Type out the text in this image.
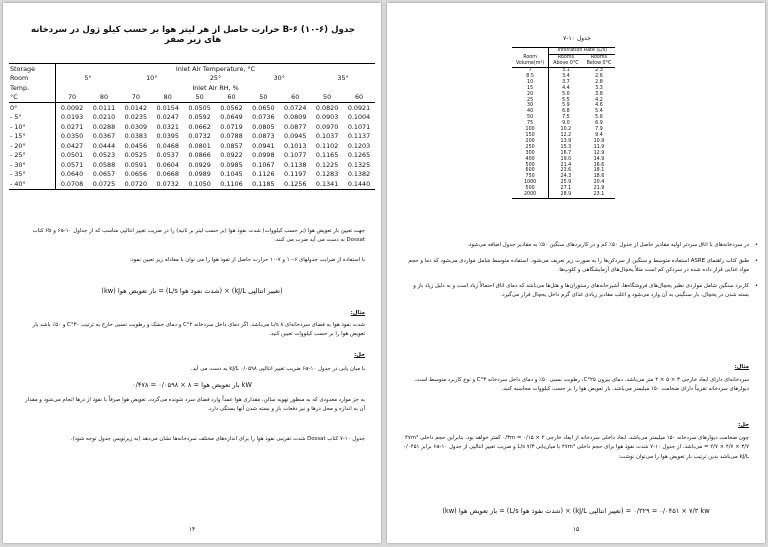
جدول B-۶ (۱۰-۶) حرارت حاصل از هر لیتر هوا بر حسب کیلو ژول در سردخانه های زیر صفر
Storage	Inlet Air Temperature, °C									
Room	5°		10°		25°		30°		35°	
Temp.	Inlet Air RH, %									
°C	70	80	70	80	50	60	50	60	50	60
0°	0.0092	0.0111	0.0142	0.0154	0.0505	0.0562	0.0650	0.0724	0.0820	0.0921
- 5°	0.0193	0.0210	0.0235	0.0247	0.0592	0.0649	0.0736	0.0809	0.0903	0.1004
- 10°	0.0271	0.0288	0.0309	0.0321	0.0662	0.0719	0.0805	0.0877	0.0970	0.1071
- 15°	0.0350	0.0367	0.0383	0.0395	0.0732	0.0788	0.0873	0.0945	0.1037	0.1137
- 20°	0.0427	0.0444	0.0456	0.0468	0.0801	0.0857	0.0941	0.1013	0.1102	0.1203
- 25°	0.0501	0.0523	0.0525	0.0537	0.0866	0.0922	0.0998	0.1077	0.1165	0.1265
- 30°	0.0571	0.0588	0.0591	0.0604	0.0929	0.0985	0.1067	0.1138	0.1225	0.1325
- 35°	0.0640	0.0657	0.0656	0.0668	0.0989	0.1045	0.1126	0.1197	0.1283	0.1382
- 40°	0.0708	0.0725	0.0720	0.0732	0.1050	0.1106	0.1185	0.1256	0.1341	0.1440
جهت تعیین بار تعویض هوا (بر حسب کیلووات) شدت نفوذ هوا (بر حسب لیتر بر ثانیه) را در ضریب تغییر انتالپی مناسب که از جداول ۱۰-۶a و ۶b کتاب Dossat به دست می آید ضرب می کنند.
با استفاده از ضرایب جدولهای ۶-۱۰ و ۷-۱۰ حرارت حاصل از نفوذ هوا را می توان با معادله زیر تعیین نمود:
(kw) بار تعویض هوا = (L/s شدت نفوذ هوا) × (kJ/L تغییر انتالپی)
مثال:
شدت نفوذ هوا به فضای سردخانه‌ای ۸ L/s می‌باشد. اگر دمای داخل سردخانه ۲°C و دمای خشک و رطوبت نسبی خارج به ترتیب ۳۰°C و ۵۰٪ باشد بار تعویض هوا را بر حسب کیلووات تعیین کنید.
حل:
با میان یابی در جدول ۱۰-۶a ضریب تغییر انتالپی kJ/L ۰/۰۵۹۸ به دست می آید.
بار تعویض هوا = ۸ × ۰/۰۵۹۸ = ۰/۴۷۸ kW
به جز موارد معدودی که به منظور تهویه سالن، مقداری هوا عمداً وارد فضای سرد شونده می‌گردد، تعویض هوا صرفاً با نفوذ از درها انجام می‌شود و مقدار آن به اندازه و محل درها و نیز دفعات باز و بسته شدن آنها بستگی دارد.
جدول ۱۰-۷ کتاب Dossat شدت تقریبی نفوذ هوا را برای اندازه‌های مختلف سردخانه‌ها نشان می‌دهد (به زیرنویس جدول توجه شود).
۱۴
جدول ۱۰-۷
	Infiltration Rate (L/s)	
Room	Rooms	Rooms
Volume(m³)	Above 0°C	Below 0°C
7	3.1	2.3
8.5	3.4	2.6
10	3.7	2.8
15	4.4	3.3
20	5.0	3.8
25	5.5	4.2
30	5.9	4.6
40	6.8	5.4
50	7.5	5.8
75	9.0	6.9
100	10.2	7.9
150	12.2	9.4
200	13.9	10.9
250	15.3	11.9
300	16.7	12.9
400	19.0	14.9
500	21.4	16.6
600	23.6	18.1
750	24.3	18.6
1000	25.9	20.4
500	27.1	21.9
2000	28.9	23.1
• در سردخانه‌های با اتاق سردتر اولیه مقادیر حاصل از جدول ۵۰٪ کم و در کاربردهای سنگین ۵۰٪ به مقادیر جدول اضافه می‌شود.
• طبق کتاب راهنمای ASRE استفاده متوسط و سنگین از سردکن‌ها را به صورت زیر تعریف می‌شود. استفاده متوسط شامل مواردی می‌شود که دما و حجم مواد غذایی قرار داده شده در سردکن کم است مثلاً یخچال‌های آزمایشگاهی و کلوپ‌ها.
• کاربرد سنگین شامل مواردی نظیر یخچال‌های فروشگاه‌ها، آشپزخانه‌های رستوران‌ها و هتل‌ها می‌باشد که دمای اتاق احتمالاً زیاد است و به دلیل زیاد باز و بسته شدن در یخچال، بار سنگینی به آن وارد می‌شود و اغلب مقادیر زیادی غذای گرم داخل یخچال قرار می‌گیرد.
مثال:
سردخانه‌ای دارای ابعاد خارجی ۳ × ۵ × ۴ متر می‌باشد. دمای بیرون ۲۵°C، رطوبت نسبی ۵۰٪ و دمای داخل سردخانه ۳°C و نوع کاربرد متوسط است. دیوارهای سردخانه تقریباً دارای ضخامت ۱۵۰ میلیمتر می‌باشد. بار تعویض هوا را بر حسب کیلووات محاسبه کنید.
حل:
چون ضخامت دیوارهای سردخانه ۱۵۰ میلیمتر می‌باشد، ابعاد داخلی سردخانه از ابعاد خارجی ۰/۳m = ۰/۱۵ × ۲ کمتر خواهد بود. بنابراین حجم داخلی ۴۷m³ = ۲/۷ × ۴/۷ × ۳/۷ می‌باشد. از جدول ۱۰-۷ شدت نفوذ هوا برای حجم داخلی ۴۷m³ با میان‌یابی ۷/۳ L/s و ضریب تغییر انتالپی از جدول ۱۰-۶a برابر ۰/۰۴۵۱ kJ/L می‌باشد بدین ترتیب بار تعویض هوا را می‌توان نوشت:
(kw) بار تعویض هوا = (L/s شدت نفوذ هوا) × (kJ/L تغییر انتالپی) = ۷/۳ × ۰/۰۴۵۱ = ۰/۳۲۹ kw
۱۵
